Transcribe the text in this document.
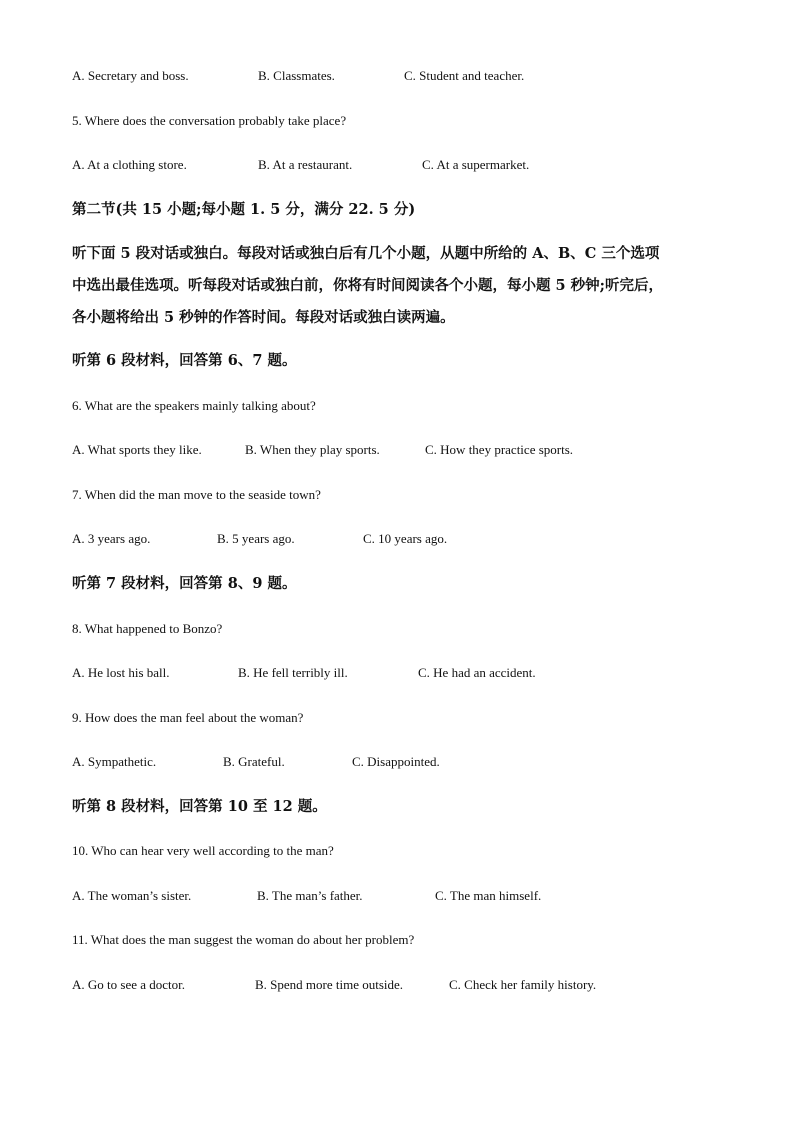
A. Secretary and boss.	B. Classmates.	C. Student and teacher.
5. Where does the conversation probably take place?
A. At a clothing store.	B. At a restaurant.	C. At a supermarket.
第二节(共 15 小题;每小题 1. 5 分，满分 22. 5 分)
听下面 5 段对话或独白。每段对话或独白后有几个小题，从题中所给的 A、B、C 三个选项
中选出最佳选项。听每段对话或独白前，你将有时间阅读各个小题，每小题 5 秒钟;听完后，
各小题将给出 5 秒钟的作答时间。每段对话或独白读两遍。
听第 6 段材料，回答第 6、7 题。
6. What are the speakers mainly talking about?
A. What sports they like.	B. When they play sports.	C. How they practice sports.
7. When did the man move to the seaside town?
A. 3 years ago.	B. 5 years ago.	C. 10 years ago.
听第 7 段材料，回答第 8、9 题。
8. What happened to Bonzo?
A. He lost his ball.	B. He fell terribly ill.	C. He had an accident.
9. How does the man feel about the woman?
A. Sympathetic.	B. Grateful.	C. Disappointed.
听第 8 段材料，回答第 10 至 12 题。
10. Who can hear very well according to the man?
A. The woman’s sister.	B. The man’s father.	C. The man himself.
11. What does the man suggest the woman do about her problem?
A. Go to see a doctor.	B. Spend more time outside.	C. Check her family history.
